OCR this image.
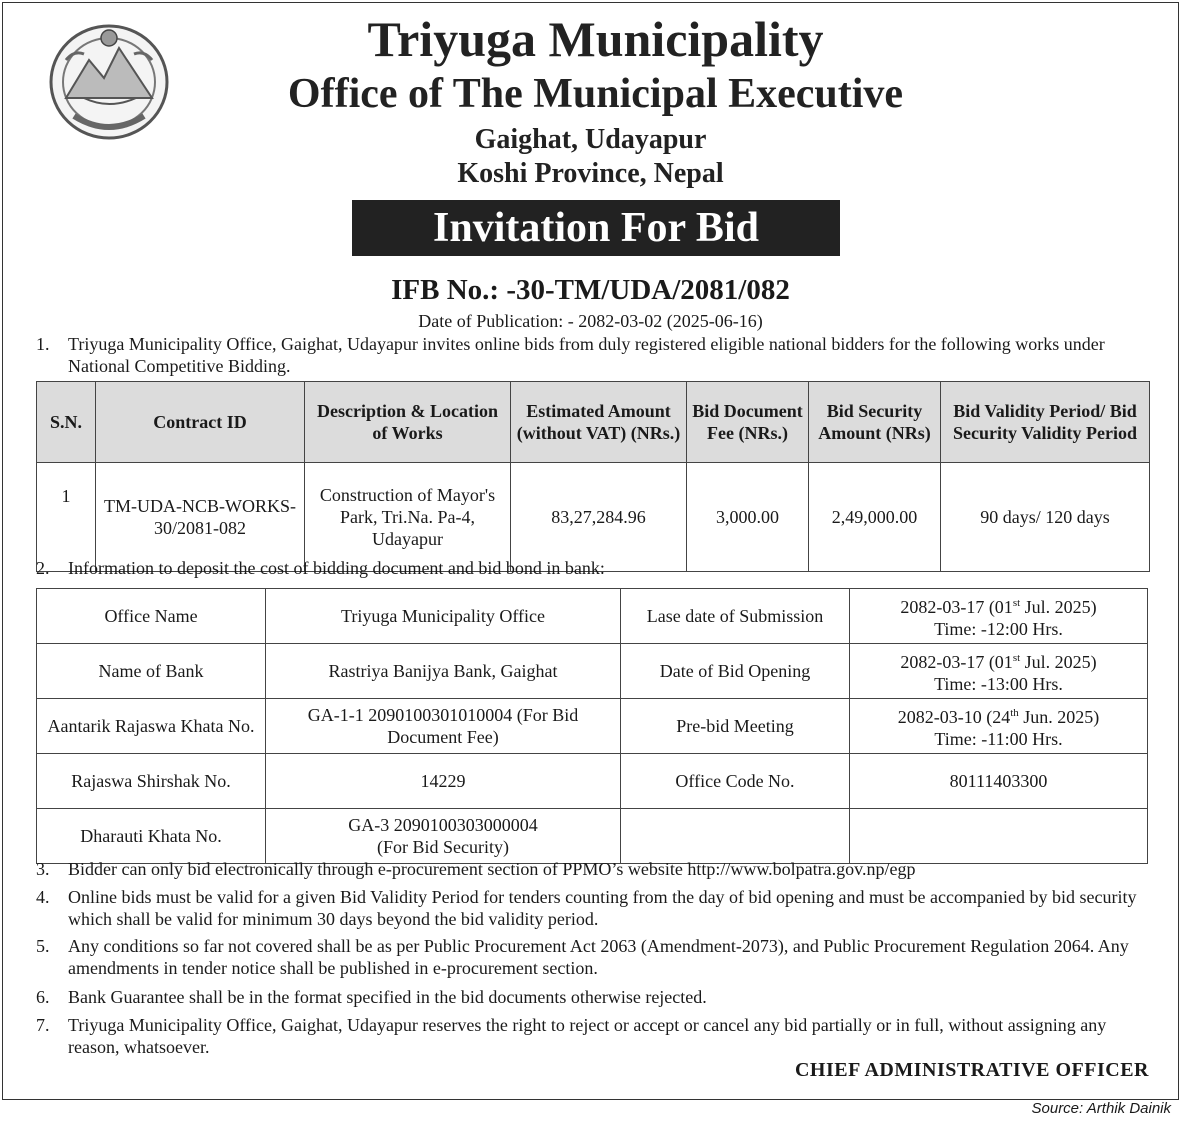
Triyuga Municipality
Office of The Municipal Executive
Gaighat, Udayapur
Koshi Province, Nepal
Invitation For Bid
IFB No.: -30-TM/UDA/2081/082
Date of Publication: - 2082-03-02 (2025-06-16)
1. Triyuga Municipality Office, Gaighat, Udayapur invites online bids from duly registered eligible national bidders for the following works under National Competitive Bidding.
S.N.	Contract ID	Description & Location of Works	Estimated Amount (without VAT) (NRs.)	Bid Document Fee (NRs.)	Bid Security Amount (NRs)	Bid Validity Period/ Bid Security Validity Period
1	TM-UDA-NCB-WORKS-30/2081-082	Construction of Mayor's Park, Tri.Na. Pa-4, Udayapur	83,27,284.96	3,000.00	2,49,000.00	90 days/ 120 days
2. Information to deposit the cost of bidding document and bid bond in bank:
Office Name	Triyuga Municipality Office	Lase date of Submission	2082-03-17 (01st Jul. 2025)
Time: -12:00 Hrs.
Name of Bank	Rastriya Banijya Bank, Gaighat	Date of Bid Opening	2082-03-17 (01st Jul. 2025)
Time: -13:00 Hrs.
Aantarik Rajaswa Khata No.	GA-1-1 2090100301010004 (For Bid Document Fee)	Pre-bid Meeting	2082-03-10 (24th Jun. 2025)
Time: -11:00 Hrs.
Rajaswa Shirshak No.	14229	Office Code No.	80111403300
Dharauti Khata No.	GA-3 2090100303000004
(For Bid Security)		
3. Bidder can only bid electronically through e-procurement section of PPMO’s website http://www.bolpatra.gov.np/egp
4. Online bids must be valid for a given Bid Validity Period for tenders counting from the day of bid opening and must be accompanied by bid security which shall be valid for minimum 30 days beyond the bid validity period.
5. Any conditions so far not covered shall be as per Public Procurement Act 2063 (Amendment-2073), and Public Procurement Regulation 2064. Any amendments in tender notice shall be published in e-procurement section.
6. Bank Guarantee shall be in the format specified in the bid documents otherwise rejected.
7. Triyuga Municipality Office, Gaighat, Udayapur reserves the right to reject or accept or cancel any bid partially or in full, without assigning any reason, whatsoever.
CHIEF ADMINISTRATIVE OFFICER
Source: Arthik Dainik
